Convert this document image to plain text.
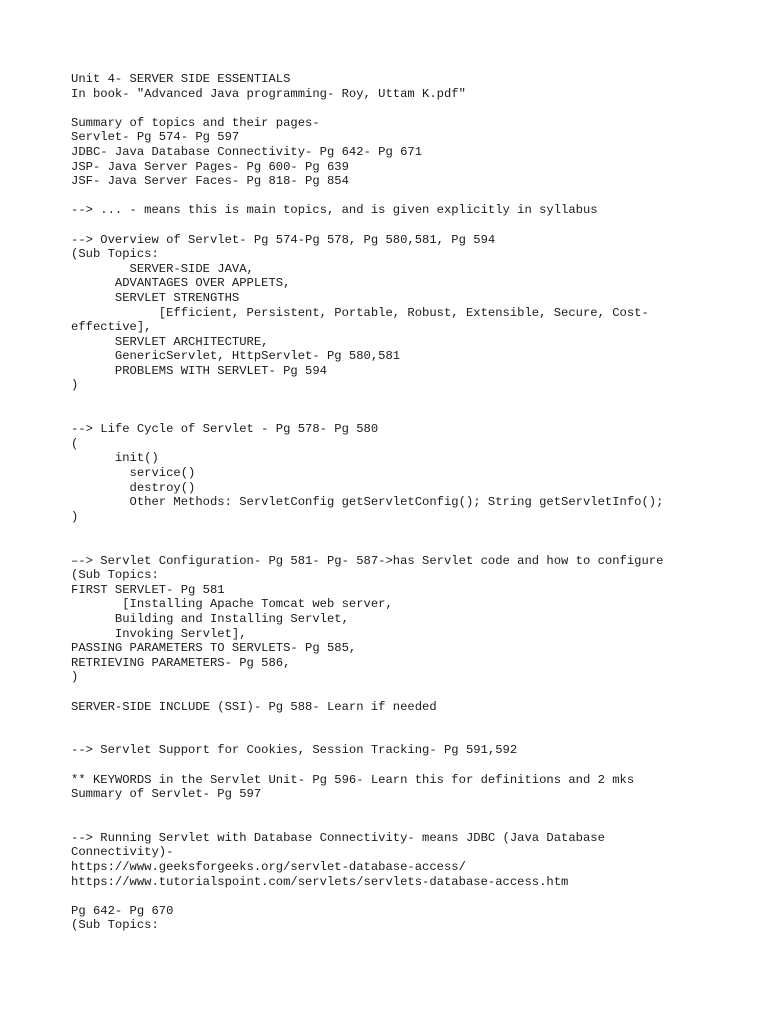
Unit 4- SERVER SIDE ESSENTIALS
In book- "Advanced Java programming- Roy, Uttam K.pdf"
Summary of topics and their pages-
Servlet- Pg 574- Pg 597
JDBC- Java Database Connectivity- Pg 642- Pg 671
JSP- Java Server Pages- Pg 600- Pg 639
JSF- Java Server Faces- Pg 818- Pg 854
--> ... - means this is main topics, and is given explicitly in syllabus
--> Overview of Servlet- Pg 574-Pg 578, Pg 580,581, Pg 594
(Sub Topics:
SERVER-SIDE JAVA,
ADVANTAGES OVER APPLETS,
SERVLET STRENGTHS
[Efficient, Persistent, Portable, Robust, Extensible, Secure, Cost-
effective],
SERVLET ARCHITECTURE,
GenericServlet, HttpServlet- Pg 580,581
PROBLEMS WITH SERVLET- Pg 594
)
--> Life Cycle of Servlet - Pg 578- Pg 580
(
init()
service()
destroy()
Other Methods: ServletConfig getServletConfig(); String getServletInfo();
)
–-> Servlet Configuration- Pg 581- Pg- 587->has Servlet code and how to configure
(Sub Topics:
FIRST SERVLET- Pg 581
[Installing Apache Tomcat web server,
Building and Installing Servlet,
Invoking Servlet],
PASSING PARAMETERS TO SERVLETS- Pg 585,
RETRIEVING PARAMETERS- Pg 586,
)
SERVER-SIDE INCLUDE (SSI)- Pg 588- Learn if needed
--> Servlet Support for Cookies, Session Tracking- Pg 591,592
** KEYWORDS in the Servlet Unit- Pg 596- Learn this for definitions and 2 mks
Summary of Servlet- Pg 597
--> Running Servlet with Database Connectivity- means JDBC (Java Database
Connectivity)-
https://www.geeksforgeeks.org/servlet-database-access/
https://www.tutorialspoint.com/servlets/servlets-database-access.htm
Pg 642- Pg 670
(Sub Topics:
